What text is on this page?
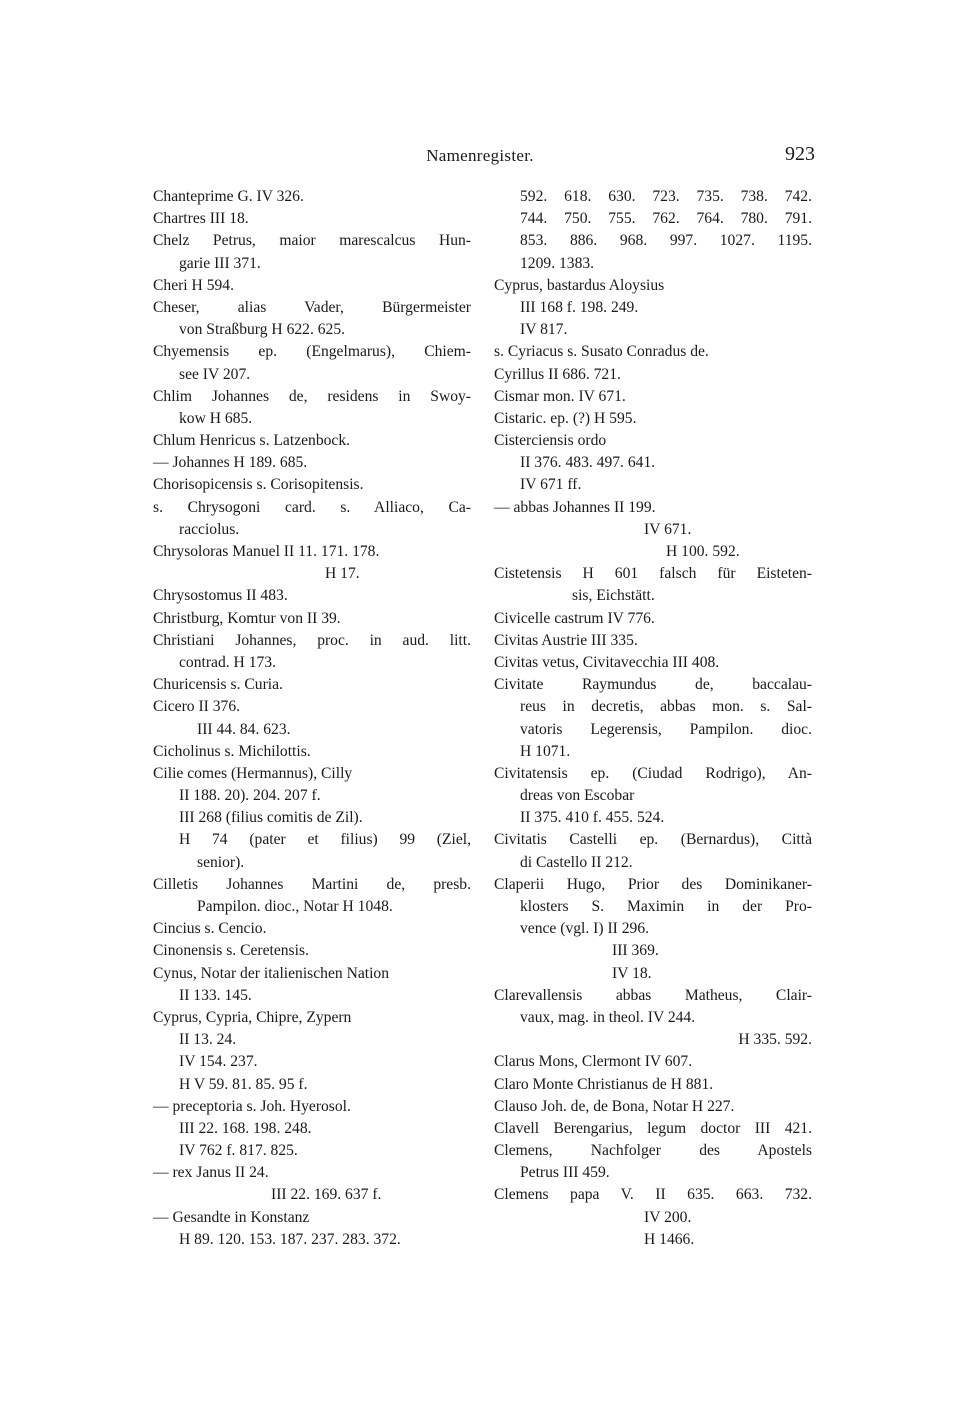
Namenregister.	923
Chanteprime G. IV 326.
Chartres III 18.
Chelz Petrus, maior marescalcus Hun-
garie III 371.
Cheri H 594.
Cheser, alias Vader, Bürgermeister
von Straßburg H 622. 625.
Chyemensis ep. (Engelmarus), Chiem-
see IV 207.
Chlim Johannes de, residens in Swoy-
kow H 685.
Chlum Henricus s. Latzenbock.
— Johannes H 189. 685.
Chorisopicensis s. Corisopitensis.
s. Chrysogoni card. s. Alliaco, Ca-
racciolus.
Chrysoloras Manuel II 11. 171. 178.
H 17.
Chrysostomus II 483.
Christburg, Komtur von II 39.
Christiani Johannes, proc. in aud. litt.
contrad. H 173.
Churicensis s. Curia.
Cicero II 376.
III 44. 84. 623.
Cicholinus s. Michilottis.
Cilie comes (Hermannus), Cilly
II 188. 20). 204. 207 f.
III 268 (filius comitis de Zil).
H 74 (pater et filius) 99 (Ziel,
senior).
Cilletis Johannes Martini de, presb.
Pampilon. dioc., Notar H 1048.
Cincius s. Cencio.
Cinonensis s. Ceretensis.
Cynus, Notar der italienischen Nation
II 133. 145.
Cyprus, Cypria, Chipre, Zypern
II 13. 24.
IV 154. 237.
H V 59. 81. 85. 95 f.
— preceptoria s. Joh. Hyerosol.
III 22. 168. 198. 248.
IV 762 f. 817. 825.
— rex Janus II 24.
III 22. 169. 637 f.
— Gesandte in Konstanz
H 89. 120. 153. 187. 237. 283. 372.
592. 618. 630. 723. 735. 738. 742.
744. 750. 755. 762. 764. 780. 791.
853. 886. 968. 997. 1027. 1195.
1209. 1383.
Cyprus, bastardus Aloysius
III 168 f. 198. 249.
IV 817.
s. Cyriacus s. Susato Conradus de.
Cyrillus II 686. 721.
Cismar mon. IV 671.
Cistaric. ep. (?) H 595.
Cisterciensis ordo
II 376. 483. 497. 641.
IV 671 ff.
— abbas Johannes II 199.
IV 671.
H 100. 592.
Cistetensis H 601 falsch für Eisteten-
sis, Eichstätt.
Civicelle castrum IV 776.
Civitas Austrie III 335.
Civitas vetus, Civitavecchia III 408.
Civitate Raymundus de, baccalau-
reus in decretis, abbas mon. s. Sal-
vatoris Legerensis, Pampilon. dioc.
H 1071.
Civitatensis ep. (Ciudad Rodrigo), An-
dreas von Escobar
II 375. 410 f. 455. 524.
Civitatis Castelli ep. (Bernardus), Città
di Castello II 212.
Claperii Hugo, Prior des Dominikaner-
klosters S. Maximin in der Pro-
vence (vgl. I) II 296.
III 369.
IV 18.
Clarevallensis abbas Matheus, Clair-
vaux, mag. in theol. IV 244.
H 335. 592.
Clarus Mons, Clermont IV 607.
Claro Monte Christianus de H 881.
Clauso Joh. de, de Bona, Notar H 227.
Clavell Berengarius, legum doctor III 421.
Clemens, Nachfolger des Apostels
Petrus III 459.
Clemens papa V. II 635. 663. 732.
IV 200.
H 1466.
